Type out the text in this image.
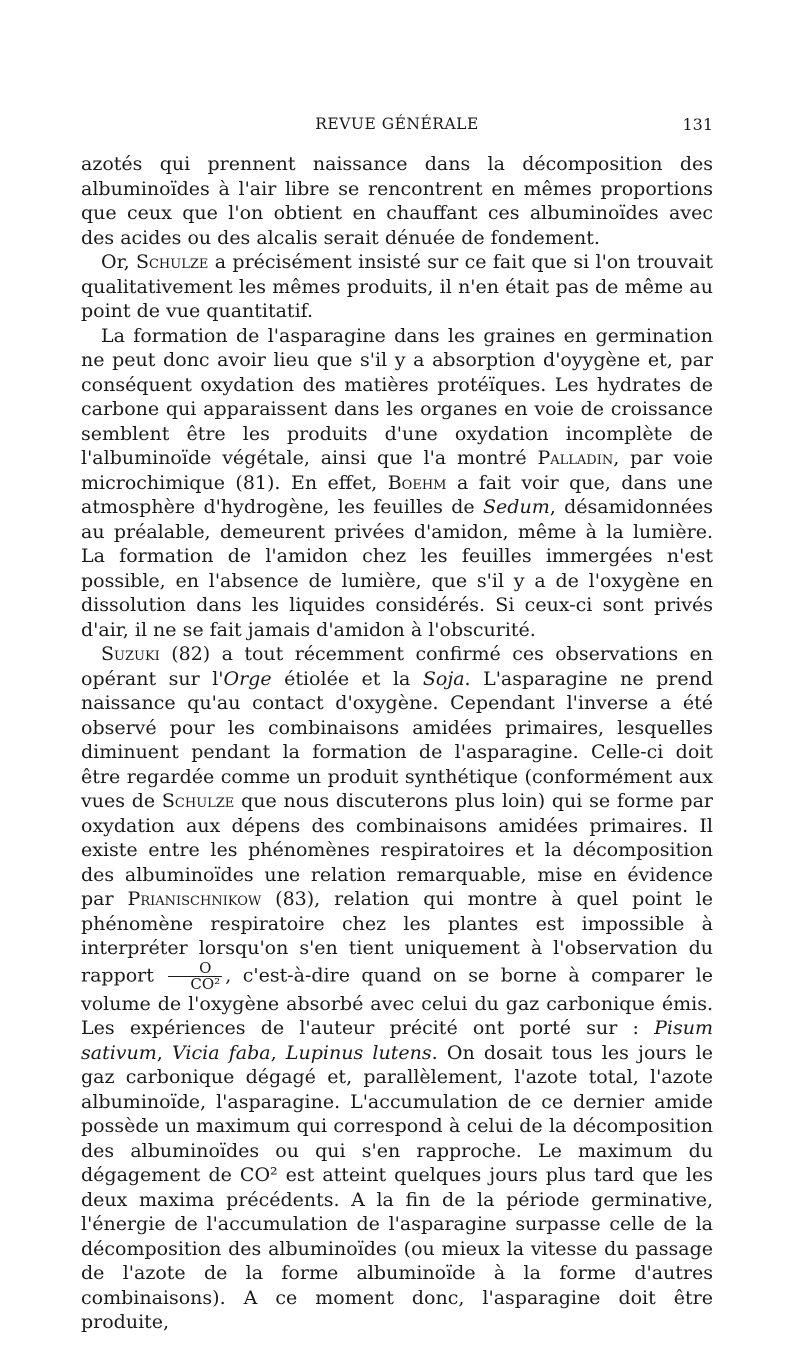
REVUE GÉNÉRALE	131

azotés qui prennent naissance dans la décomposition des albuminoïdes à l'air libre se rencontrent en mêmes proportions que ceux que l'on obtient en chauffant ces albuminoïdes avec des acides ou des alcalis serait dénuée de fondement.

Or, Schulze a précisément insisté sur ce fait que si l'on trouvait qualitativement les mêmes produits, il n'en était pas de même au point de vue quantitatif.

La formation de l'asparagine dans les graines en germination ne peut donc avoir lieu que s'il y a absorption d'oyygène et, par conséquent oxydation des matières protéïques. Les hydrates de carbone qui apparaissent dans les organes en voie de croissance semblent être les produits d'une oxydation incomplète de l'albuminoïde végétale, ainsi que l'a montré Palladin, par voie microchimique (81). En effet, Boehm a fait voir que, dans une atmosphère d'hydrogène, les feuilles de Sedum, désamidonnées au préalable, demeurent privées d'amidon, même à la lumière. La formation de l'amidon chez les feuilles immergées n'est possible, en l'absence de lumière, que s'il y a de l'oxygène en dissolution dans les liquides considérés. Si ceux-ci sont privés d'air, il ne se fait jamais d'amidon à l'obscurité.

Suzuki (82) a tout récemment confirmé ces observations en opérant sur l'Orge étiolée et la Soja. L'asparagine ne prend naissance qu'au contact d'oxygène. Cependant l'inverse a été observé pour les combinaisons amidées primaires, lesquelles diminuent pendant la formation de l'asparagine. Celle-ci doit être regardée comme un produit synthétique (conformément aux vues de Schulze que nous discuterons plus loin) qui se forme par oxydation aux dépens des combinaisons amidées primaires. Il existe entre les phénomènes respiratoires et la décomposition des albuminoïdes une relation remarquable, mise en évidence par Prianischnikow (83), relation qui montre à quel point le phénomène respiratoire chez les plantes est impossible à interpréter lorsqu'on s'en tient uniquement à l'observation du rapport $\frac{O}{\text{CO²}}$ , c'est-à-dire quand on se borne à comparer le volume de l'oxygène absorbé avec celui du gaz carbonique émis. Les expériences de l'auteur précité ont porté sur : Pisum sativum, Vicia faba, Lupinus lutens. On dosait tous les jours le gaz carbonique dégagé et, parallèlement, l'azote total, l'azote albuminoïde, l'asparagine. L'accumulation de ce dernier amide possède un maximum qui correspond à celui de la décomposition des albuminoïdes ou qui s'en rapproche. Le maximum du dégagement de CO² est atteint quelques jours plus tard que les deux maxima précédents. A la fin de la période germinative, l'énergie de l'accumulation de l'asparagine surpasse celle de la décomposition des albuminoïdes (ou mieux la vitesse du passage de l'azote de la forme albuminoïde à la forme d'autres combinaisons). A ce moment donc, l'asparagine doit être produite,
